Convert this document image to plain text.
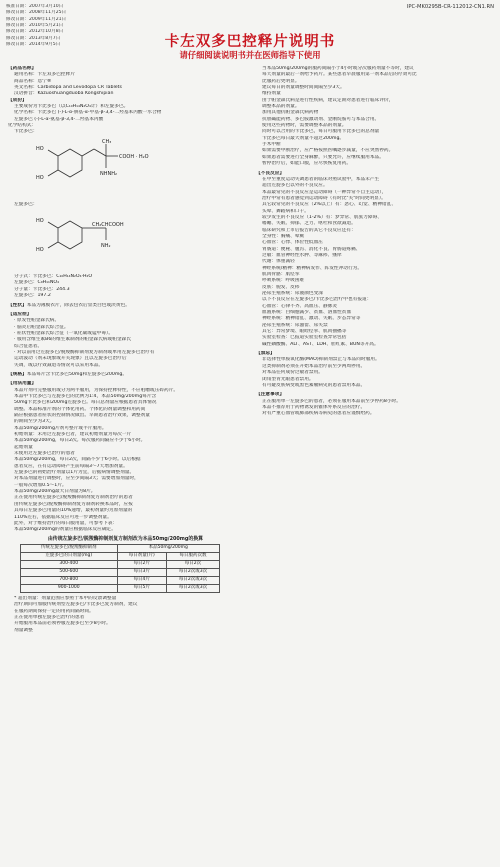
核准日期：2007年3月10日
修改日期：2008年11月25日
修改日期：2009年11月21日
修改日期：2010年5月21日
修改日期：2012年10月8日
修改日期：2013年8月7日
修改日期：2014年9月5日
IPC-MK0295B-CR-112012-CN1.RN
卡左双多巴控释片说明书
请仔细阅读说明书并在医师指导下使用
【药品名称】
通用名称：卡左双多巴控释片
商品名称：息宁®
英文名称：Carbidopa and Levodopa CR Tablets
汉语拼音：Kazuoshuangduoba Kongshipian
【成份】
主要成份为卡比多巴（以C₁₀H₁₄N₂O₄计）和左旋多巴。
化学名称：卡比多巴 (-)-L-α-肼基-α-甲基-β-3,4-二羟基苯丙酸一水合物
左旋多巴 (-)-L-α-氨基-β-3,4-二羟基苯丙酸
化学结构式：
卡比多巴：
HO
HO
CH₃
COOH · H₂O
NHNH₂
左旋多巴：
HO
HO
CH₂CHCOOH
NH₂
分子式：卡比多巴：C₁₀H₁₄N₂O₄·H₂O
左旋多巴：C₉H₁₁NO₄
分子量：卡比多巴：244.3
左旋多巴：197.2
【性状】本品为薄膜衣片，除去包衣后显类白色或淡黄色。
【适应症】
· 原发性帕金森氏病。
· 脑炎后帕金森氏综合征。
· 症状性帕金森氏综合征（一氧化碳或锰中毒）。
· 服用含维生素B6的维生素制剂的帕金森氏病或帕金森氏
综合征患者。
· 对以前用过左旋多巴/脱羧酶抑制剂复方制剂或单用左旋多巴治疗有
运动波动（剂末现象或开关现象）且以左旋多巴治疗后
失调，或以疗效减退等情况可以采用本品。
【规格】本品每片含卡比多巴50mg和左旋多巴200mg。
【用法用量】
本品片剂可完整服用或分为两半服用，为保持控释特性，不应咀嚼或压碎药片。
本品中卡比多巴与左旋多巴的比例为1:4，本品50mg/200mg每片含
50mg卡比多巴和200mg左旋多巴。每日总剂量应根据患者具体情况
调整。本品标准片剂的个体化用药。个体化的剂量调整和用药间
隔应根据患者症状的控制情况做出。早期患者治疗效果，调整剂量
的期间至少为3天。
本品50mg/200mg片剂可整片或半片服用。
初始剂量：未用过左旋多巴者，建议初始剂量为每次一片
本品50mg/200mg，每日2次。每次服药间隔应不少于6小时。
起始剂量
未使用过左旋多巴治疗的患者
本品50mg/200mg，每日2次，间隔不少于6小时。以后根据
患者反应，在有运动障碍产生前每隔3～7天增加剂量。
左旋多巴的初始治疗剂量以1片为宜，后据病情调整剂量。
对本品剂量进行调整时，应至少间隔3天；需要增加剂量时，
一般每次增加0.5～1片。
本品50mg/200mg最大日剂量为8片。
正在使用传统左旋多巴/脱羧酶抑制剂复方制剂治疗的患者
由传统左旋多巴/脱羧酶抑制剂复方制剂转换本品时，应按
其每日左旋多巴用量的10%递增，最初剂量约为原剂量的
110%左右，依据临床反应可进一步调整剂量。
此外，对于维持治疗的每日服用量，可参考下表：
本品50mg/200mg的剂量应根据临床反应确定。
由传统左旋多巴/脱羧酶抑制剂复方制剂改为本品50mg/200mg的换算
传统左旋多巴/脱羧酶抑制剂	本品50mg/200mg	
左旋多巴的日剂量(mg)	每日剂量(片)	每日服药次数
300-400	每日2片	每日2次
500-600	每日3片	每日2次或3次
700-800	每日4片	每日2次或3次
900-1000	每日5片	每日2次或3次
* 超出剂量：剂量范围应参照于本中的反馈调整量
治疗期间可加服传统剂型左旋多巴/卡比多巴复方制剂，建议
在服药期间保持一定的用药间隔时间。
正在使用单独左旋多巴治疗的患者
开始服用本品前必须停服左旋多巴至少8小时。
剂量调整
当本品50mg/200mg的服药间隔小于4小时或分次服药剂量不等时，建议
每天剂量的最后一剂给予药片。某些患者早晨服用第一剂本品后的疗效可比
比服药后更明显。
建议每日的剂量调整时间间隔至少3天。
维持剂量
由于帕金森氏病是进行性疾病，建议定期对患者进行临床评价，
调整本品的剂量。
加用其他抗帕金森氏病药物
抗胆碱能药物、多巴胺激动剂、金刚烷胺可与本品合用。
使用这些药物时，需要调整本品的剂量。
同时可以合用的卡比多巴，每日可服用卡比多巴的总剂量
卡比多巴每日最大剂量不超过200mg。
手术中断
如果需要中断治疗，应严格按照医嘱逐步减量，不应突然停药。
如果患者需要进行全身麻醉，只要允许，应继续服用本品。
暂停治疗后，如能口服，应尽快恢复用药。
【不良反应】
在中至重度运动失调患者的临床对照试验中，本品未产生
超出左旋多巴以外的不良反应。
本品最常见的不良反应是运动障碍（一种异常不自主运动），
治疗中常有患者感觉到运动障碍（有时比"关"时间更明显）。
其它较常见的不良反应（2%以上）有：恶心、幻觉、精神错乱、
头晕、舞蹈病和口干。
较少发生的不良反应（1-2%）有：梦异常、肌张力障碍、
嗜睡、失眠、抑郁、乏力、呕吐和食欲减退。
临床研究和上市后报告的其它不良反应还有：
全身性：胸痛、晕厥
心血管：心悸、体位性低血压
胃肠道：便秘、腹泻、消化不良、胃肠道疼痛、
过敏：血管神经性水肿、荨麻疹、瘙痒
代谢：体重减轻
神经系统/精神：精神病发作、阵发性冲动行为。
肌肉骨骼：肌痉挛
呼吸系统：呼吸困难
皮肤：脱发、皮疹
泌尿生殖系统：尿液颜色变深
以下不良反应在左旋多巴/卡比多巴治疗中也有报道：
心血管：心律不齐、高血压、静脉炎
血液系统：白细胞减少、贫血、溶血性贫血
神经系统：精神错乱、激动、失眠、步态异常等
泌尿生殖系统：尿潴留、尿失禁
其它：异常梦境、眼睑痉挛、肌肉抽搐等
实验室检查：已报道实验室检查异常包括
碱性磷酸酶、ALT、AST、LDH、胆红素、BUN等升高。
【禁忌】
非选择性单胺氧化酶(MAO)抑制剂禁止与本品同时服用。
这类抑制剂必须在开始本品治疗前至少两周停用。
对本品任何成份过敏者禁用。
闭角型青光眼患者禁用。
有可疑皮肤病变或黑色素瘤病史的患者禁用本品。
【注意事项】
正在服用单一左旋多巴的患者，必须在服用本品前至少停药8小时。
本品不推荐用于药物诱发的锥体外系反应的治疗。
对有严重心血管或肺部疾病等病史的患者应谨慎给药。
